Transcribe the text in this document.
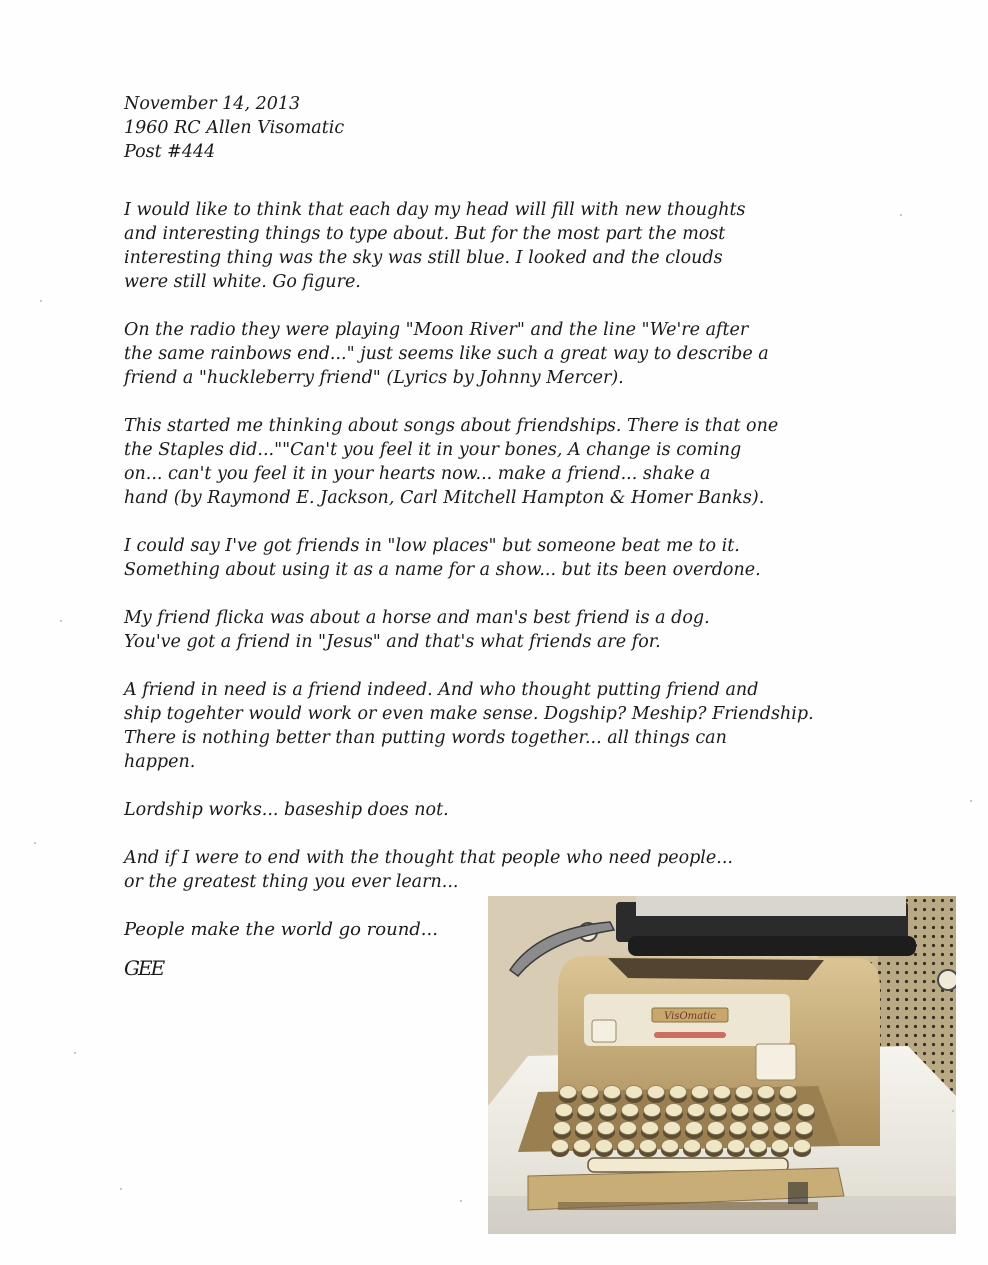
November 14, 2013
1960 RC Allen Visomatic
Post #444
I would like to think that each day my head will fill with new thoughts
and interesting things to type about. But for the most part the most
interesting thing was the sky was still blue. I looked and the clouds
were still white. Go figure.
On the radio they were playing "Moon River" and the line "We're after
the same rainbows end..." just seems like such a great way to describe a
friend a "huckleberry friend" (Lyrics by Johnny Mercer).
This started me thinking about songs about friendships. There is that one
the Staples did...""Can't you feel it in your bones, A change is coming
on... can't you feel it in your hearts now... make a friend... shake a
hand (by Raymond E. Jackson, Carl Mitchell Hampton & Homer Banks).
I could say I've got friends in "low places" but someone beat me to it.
Something about using it as a name for a show... but its been overdone.
My friend flicka was about a horse and man's best friend is a dog.
You've got a friend in "Jesus" and that's what friends are for.
A friend in need is a friend indeed. And who thought putting friend and
ship togehter would work or even make sense. Dogship? Meship? Friendship.
There is nothing better than putting words together... all things can
happen.
Lordship works... baseship does not.
And if I were to end with the thought that people who need people...
or the greatest thing you ever learn...
People make the world go round...
GEE
VisOmatic
